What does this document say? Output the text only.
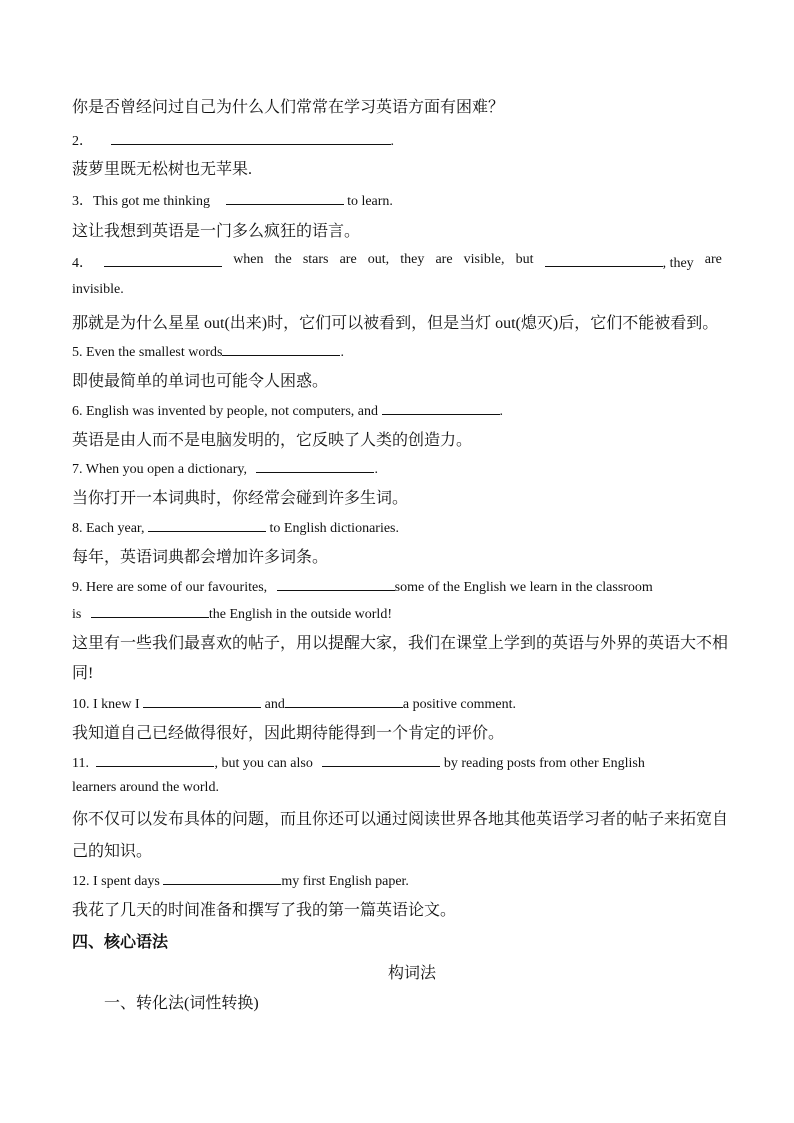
你是否曾经问过自己为什么人们常常在学习英语方面有困难？
2．	.
菠萝里既无松树也无苹果.
3．This got me thinking	to learn.
这让我想到英语是一门多么疯狂的语言。
4．	when the stars are out, they are visible, but	, they are
invisible.
那就是为什么星星 out(出来)时，它们可以被看到，但是当灯 out(熄灭)后，它们不能被看到。
5. Even the smallest words	.
即使最简单的单词也可能令人困惑。
6. English was invented by people, not computers, and	.
英语是由人而不是电脑发明的，它反映了人类的创造力。
7. When you open a dictionary,	.
当你打开一本词典时，你经常会碰到许多生词。
8. Each year,	to English dictionaries.
每年，英语词典都会增加许多词条。
9. Here are some of our favourites,	some of the English we learn in the classroom
is	the English in the outside world!
这里有一些我们最喜欢的帖子，用以提醒大家，我们在课堂上学到的英语与外界的英语大不相
同!
10. I knew I	and	a positive comment.
我知道自己已经做得很好，因此期待能得到一个肯定的评价。
11.	, but you can also	by reading posts from other English
learners around the world.
你不仅可以发布具体的问题，而且你还可以通过阅读世界各地其他英语学习者的帖子来拓宽自
己的知识。
12. I spent days	my first English paper.
我花了几天的时间准备和撰写了我的第一篇英语论文。
四、核心语法
构词法
一、转化法(词性转换)
